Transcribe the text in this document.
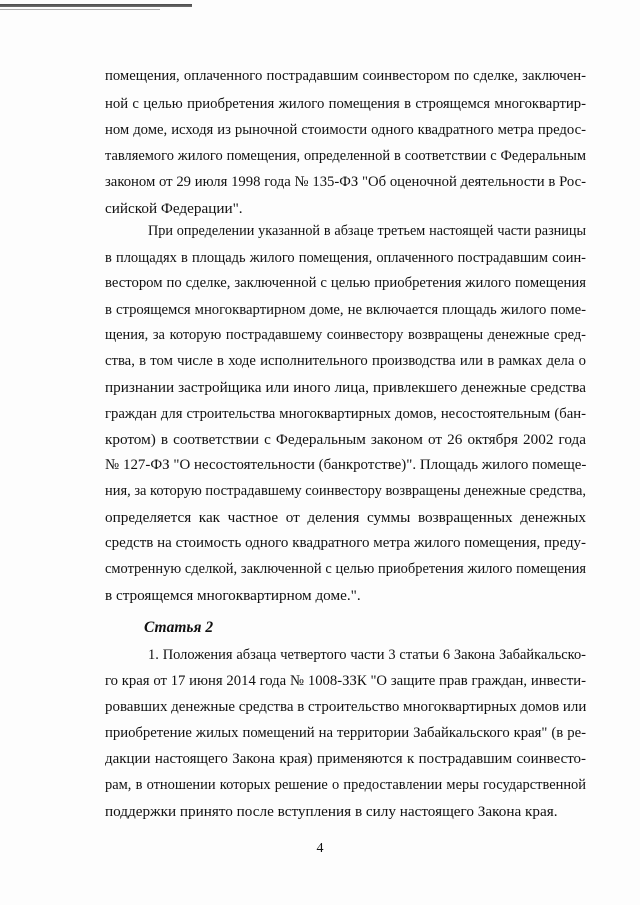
помещения, оплаченного пострадавшим соинвестором по сделке, заключен-
ной с целью приобретения жилого помещения в строящемся многоквартир-
ном доме, исходя из рыночной стоимости одного квадратного метра предос-
тавляемого жилого помещения, определенной в соответствии с Федеральным
законом от 29 июля 1998 года № 135-ФЗ "Об оценочной деятельности в Рос-
сийской Федерации".
При определении указанной в абзаце третьем настоящей части разницы
в площадях в площадь жилого помещения, оплаченного пострадавшим соин-
вестором по сделке, заключенной с целью приобретения жилого помещения
в строящемся многоквартирном доме, не включается площадь жилого поме-
щения, за которую пострадавшему соинвестору возвращены денежные сред-
ства, в том числе в ходе исполнительного производства или в рамках дела о
признании застройщика или иного лица, привлекшего денежные средства
граждан для строительства многоквартирных домов, несостоятельным (бан-
кротом) в соответствии с Федеральным законом от 26 октября 2002 года
№ 127-ФЗ "О несостоятельности (банкротстве)". Площадь жилого помеще-
ния, за которую пострадавшему соинвестору возвращены денежные средства,
определяется как частное от деления суммы возвращенных денежных
средств на стоимость одного квадратного метра жилого помещения, преду-
смотренную сделкой, заключенной с целью приобретения жилого помещения
в строящемся многоквартирном доме.".
Статья 2
1. Положения абзаца четвертого части 3 статьи 6 Закона Забайкальско-
го края от 17 июня 2014 года № 1008-ЗЗК "О защите прав граждан, инвести-
ровавших денежные средства в строительство многоквартирных домов или
приобретение жилых помещений на территории Забайкальского края" (в ре-
дакции настоящего Закона края) применяются к пострадавшим соинвесто-
рам, в отношении которых решение о предоставлении меры государственной
поддержки принято после вступления в силу настоящего Закона края.
4
